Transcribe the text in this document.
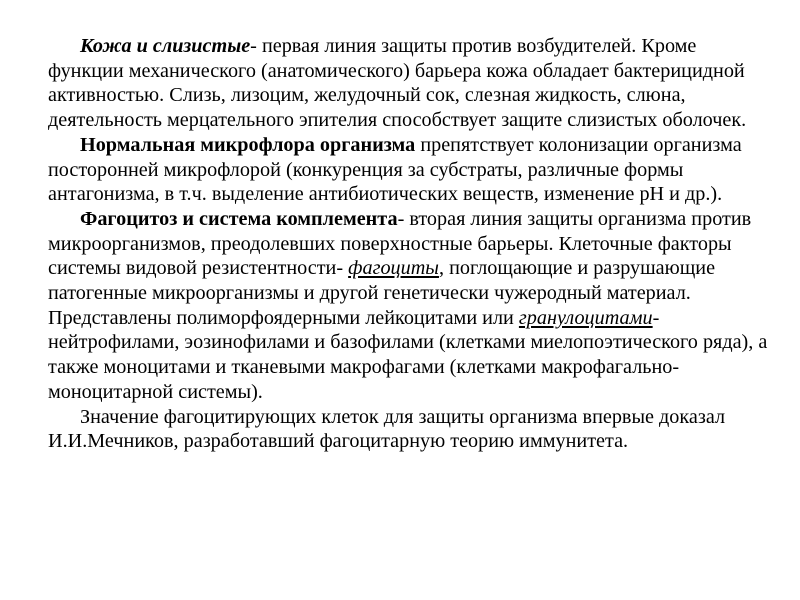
Кожа и слизистые- первая линия защиты против возбудителей. Кроме функции механического (анатомического) барьера кожа обладает бактерицидной активностью. Слизь, лизоцим, желудочный сок, слезная жидкость, слюна, деятельность мерцательного эпителия способствует защите слизистых оболочек.

Нормальная микрофлора организма препятствует колонизации организма посторонней микрофлорой (конкуренция за субстраты, различные формы антагонизма, в т.ч. выделение антибиотических веществ, изменение pH и др.).

Фагоцитоз и система комплемента- вторая линия защиты организма против микроорганизмов, преодолевших поверхностные барьеры. Клеточные факторы системы видовой резистентности- фагоциты, поглощающие и разрушающие патогенные микроорганизмы и другой генетически чужеродный материал. Представлены полиморфоядерными лейкоцитами или гранулоцитами- нейтрофилами, эозинофилами и базофилами (клетками миелопоэтического ряда), а также моноцитами и тканевыми макрофагами (клетками макрофагально- моноцитарной системы).

Значение фагоцитирующих клеток для защиты организма впервые доказал И.И.Мечников, разработавший фагоцитарную теорию иммунитета.
